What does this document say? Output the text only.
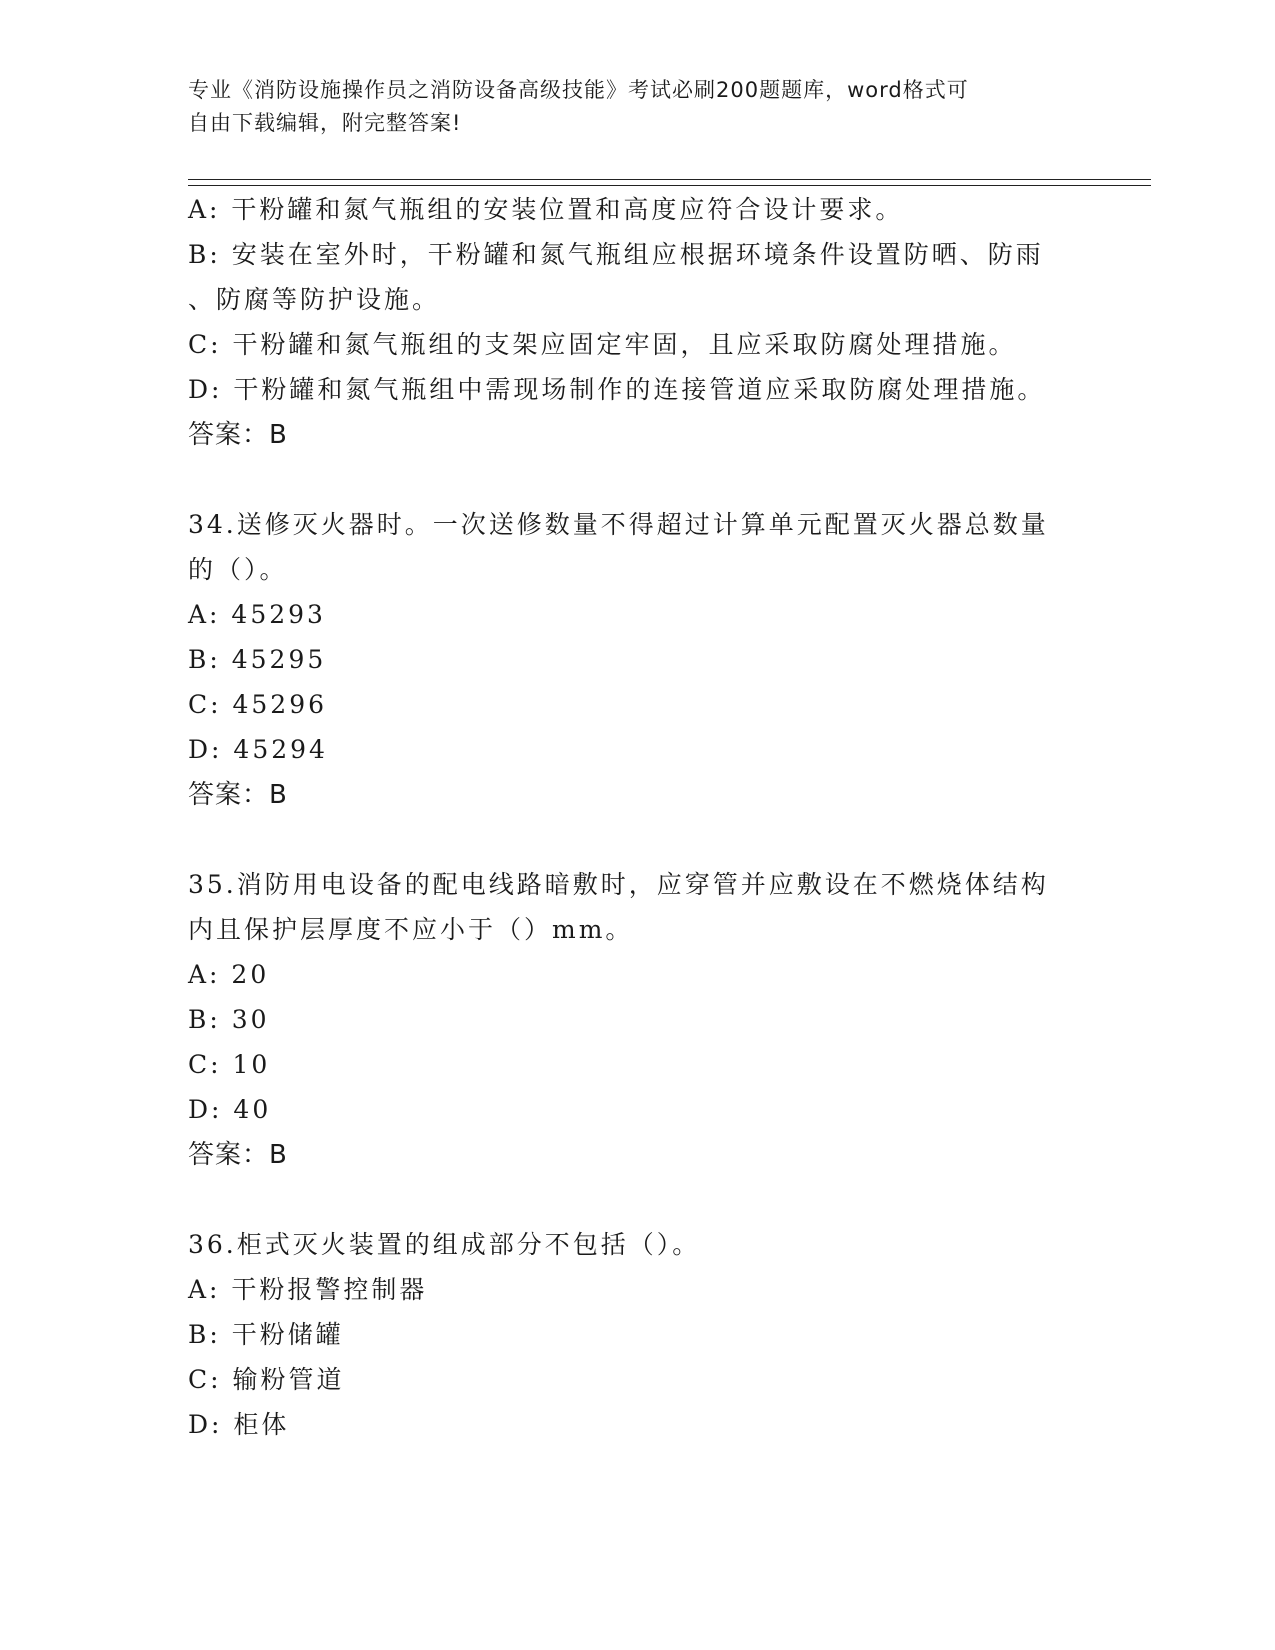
专业《消防设施操作员之消防设备高级技能》考试必刷200题题库，word格式可
自由下载编辑，附完整答案!
A: 干粉罐和氮气瓶组的安装位置和高度应符合设计要求。
B: 安装在室外时，干粉罐和氮气瓶组应根据环境条件设置防晒、防雨
、防腐等防护设施。
C: 干粉罐和氮气瓶组的支架应固定牢固，且应采取防腐处理措施。
D: 干粉罐和氮气瓶组中需现场制作的连接管道应采取防腐处理措施。
答案：B
34.送修灭火器时。一次送修数量不得超过计算单元配置灭火器总数量
的（）。
A: 45293
B: 45295
C: 45296
D: 45294
答案：B
35.消防用电设备的配电线路暗敷时，应穿管并应敷设在不燃烧体结构
内且保护层厚度不应小于（）mm。
A: 20
B: 30
C: 10
D: 40
答案：B
36.柜式灭火装置的组成部分不包括（）。
A: 干粉报警控制器
B: 干粉储罐
C: 输粉管道
D: 柜体
